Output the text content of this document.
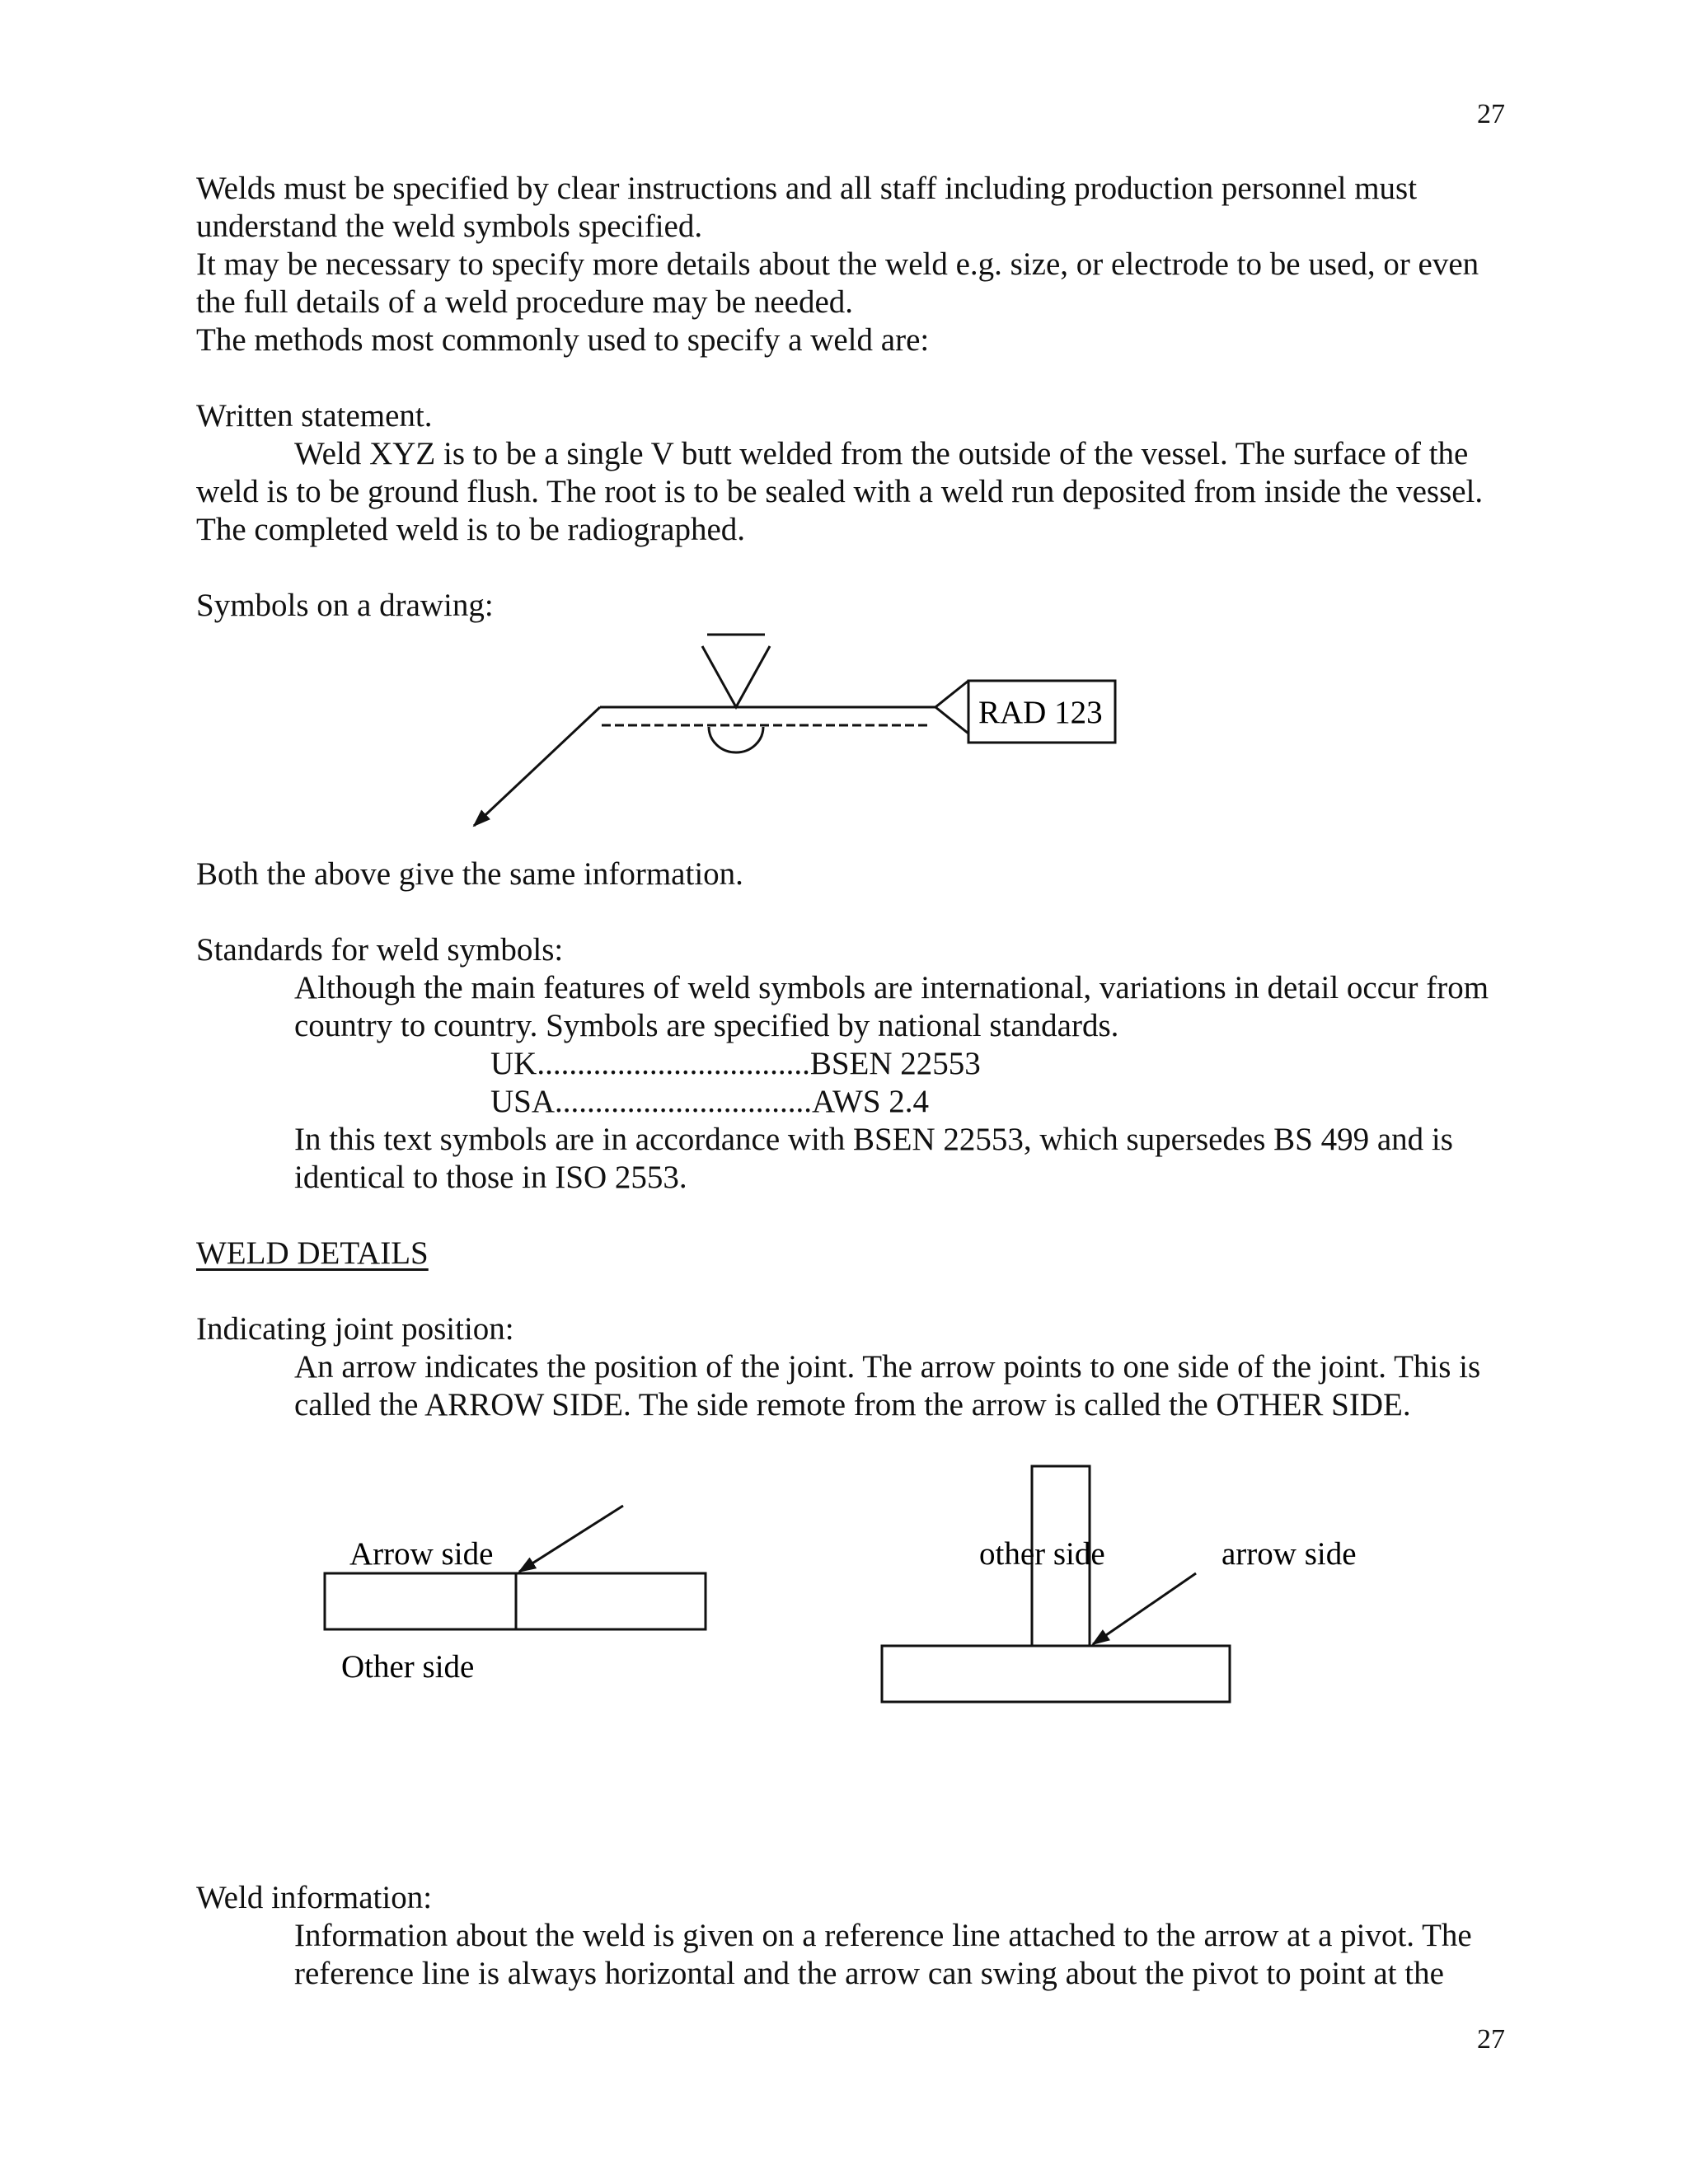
27
Welds must be specified by clear instructions and all staff including production personnel must
understand the weld symbols specified.
It may be necessary to specify more details about the weld e.g. size, or electrode to be used, or even
the full details of a weld procedure may be needed.
The methods most commonly used to specify a weld are:
Written statement.
Weld XYZ is to be a single V butt welded from the outside of the vessel. The surface of the
weld is to be ground flush. The root is to be sealed with a weld run deposited from inside the vessel.
The completed weld is to be radiographed.
Symbols on a drawing:
RAD 123
Both the above give the same information.
Standards for weld symbols:
Although the main features of weld symbols are international, variations in detail occur from
country to country. Symbols are specified by national standards.
UK..................................BSEN 22553
USA................................AWS 2.4
In this text symbols are in accordance with BSEN 22553, which supersedes BS 499 and is
identical to those in ISO 2553.
WELD DETAILS
Indicating joint position:
An arrow indicates the position of the joint. The arrow points to one side of the joint. This is
called the ARROW SIDE. The side remote from the arrow is called the OTHER SIDE.
Arrow side
Other side
other side	arrow side
Weld information:
Information about the weld is given on a reference line attached to the arrow at a pivot. The
reference line is always horizontal and the arrow can swing about the pivot to point at the
27
